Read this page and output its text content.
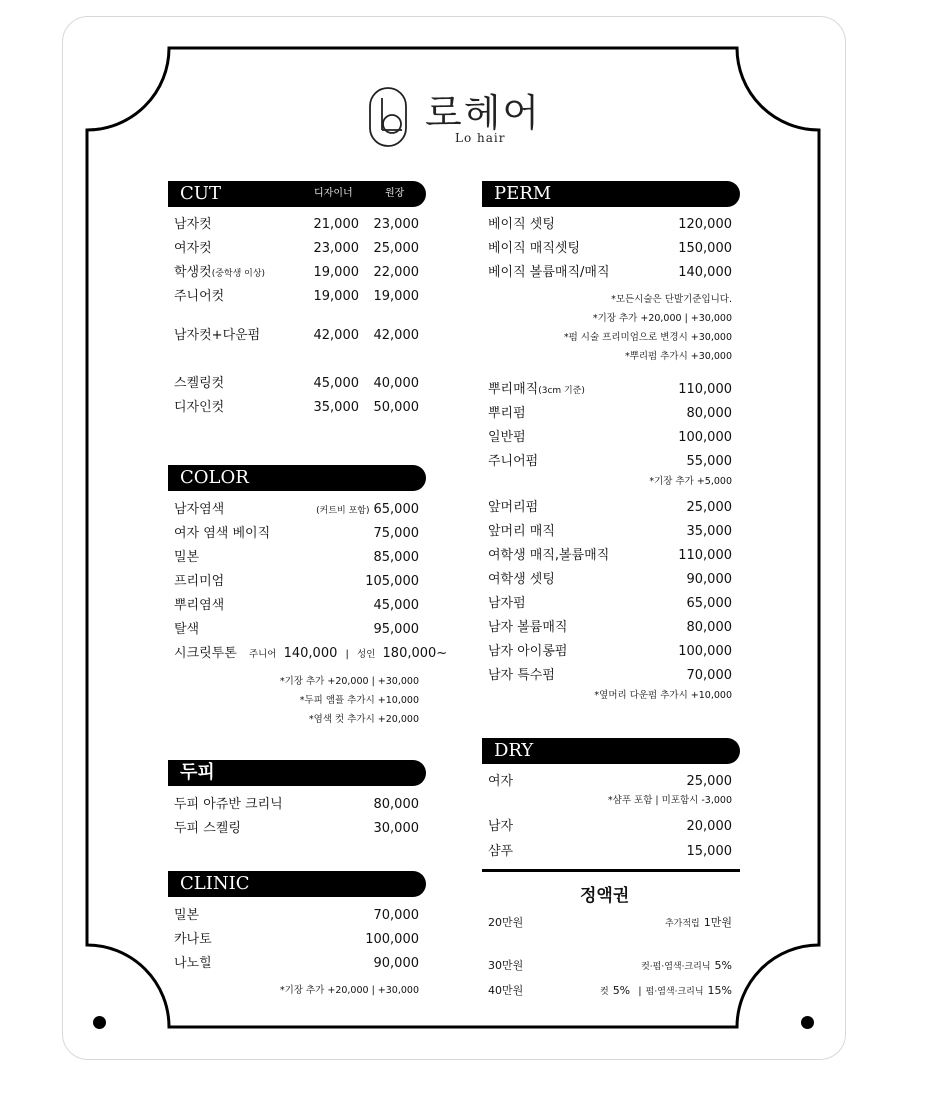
로헤어
Lo hair
CUT	디자이너	원장
남자컷	21,000 23,000
여자컷	23,000 25,000
학생컷(중학생 이상)	19,000 22,000
주니어컷	19,000 19,000
남자컷+다운펌	42,000 42,000
스켈링컷	45,000 40,000
디자인컷	35,000 50,000
COLOR
남자염색	(커트비 포함) 65,000
여자 염색 베이직	75,000
밀본	85,000
프리미엄	105,000
뿌리염색	45,000
탈색	95,000
시크릿투톤 주니어 140,000 | 성인 180,000~
*기장 추가 +20,000 | +30,000
*두피 앰플 추가시 +10,000
*염색 컷 추가시 +20,000
두피
두피 아쥬반 크리닉	80,000
두피 스켈링	30,000
CLINIC
밀본	70,000
카나토	100,000
나노힐	90,000
*기장 추가 +20,000 | +30,000
PERM
베이직 셋팅	120,000
베이직 매직셋팅	150,000
베이직 볼륨매직/매직	140,000
*모든시술은 단발기준입니다.
*기장 추가 +20,000 | +30,000
*펌 시술 프리미엄으로 변경시 +30,000
*뿌리펌 추가시 +30,000
뿌리매직(3cm 기준)	110,000
뿌리펌	80,000
일반펌	100,000
주니어펌	55,000
*기장 추가 +5,000
앞머리펌	25,000
앞머리 매직	35,000
여학생 매직,볼륨매직	110,000
여학생 셋팅	90,000
남자펌	65,000
남자 볼륨매직	80,000
남자 아이롱펌	100,000
남자 특수펌	70,000
*옆머리 다운펌 추가시 +10,000
DRY
여자	25,000
*샴푸 포함 | 미포함시 -3,000
남자	20,000
샴푸	15,000
정액권
20만원	추가적립 1만원
30만원	컷·펌·염색·크리닉 5%
40만원	컷 5% | 펌·염색·크리닉 15%
